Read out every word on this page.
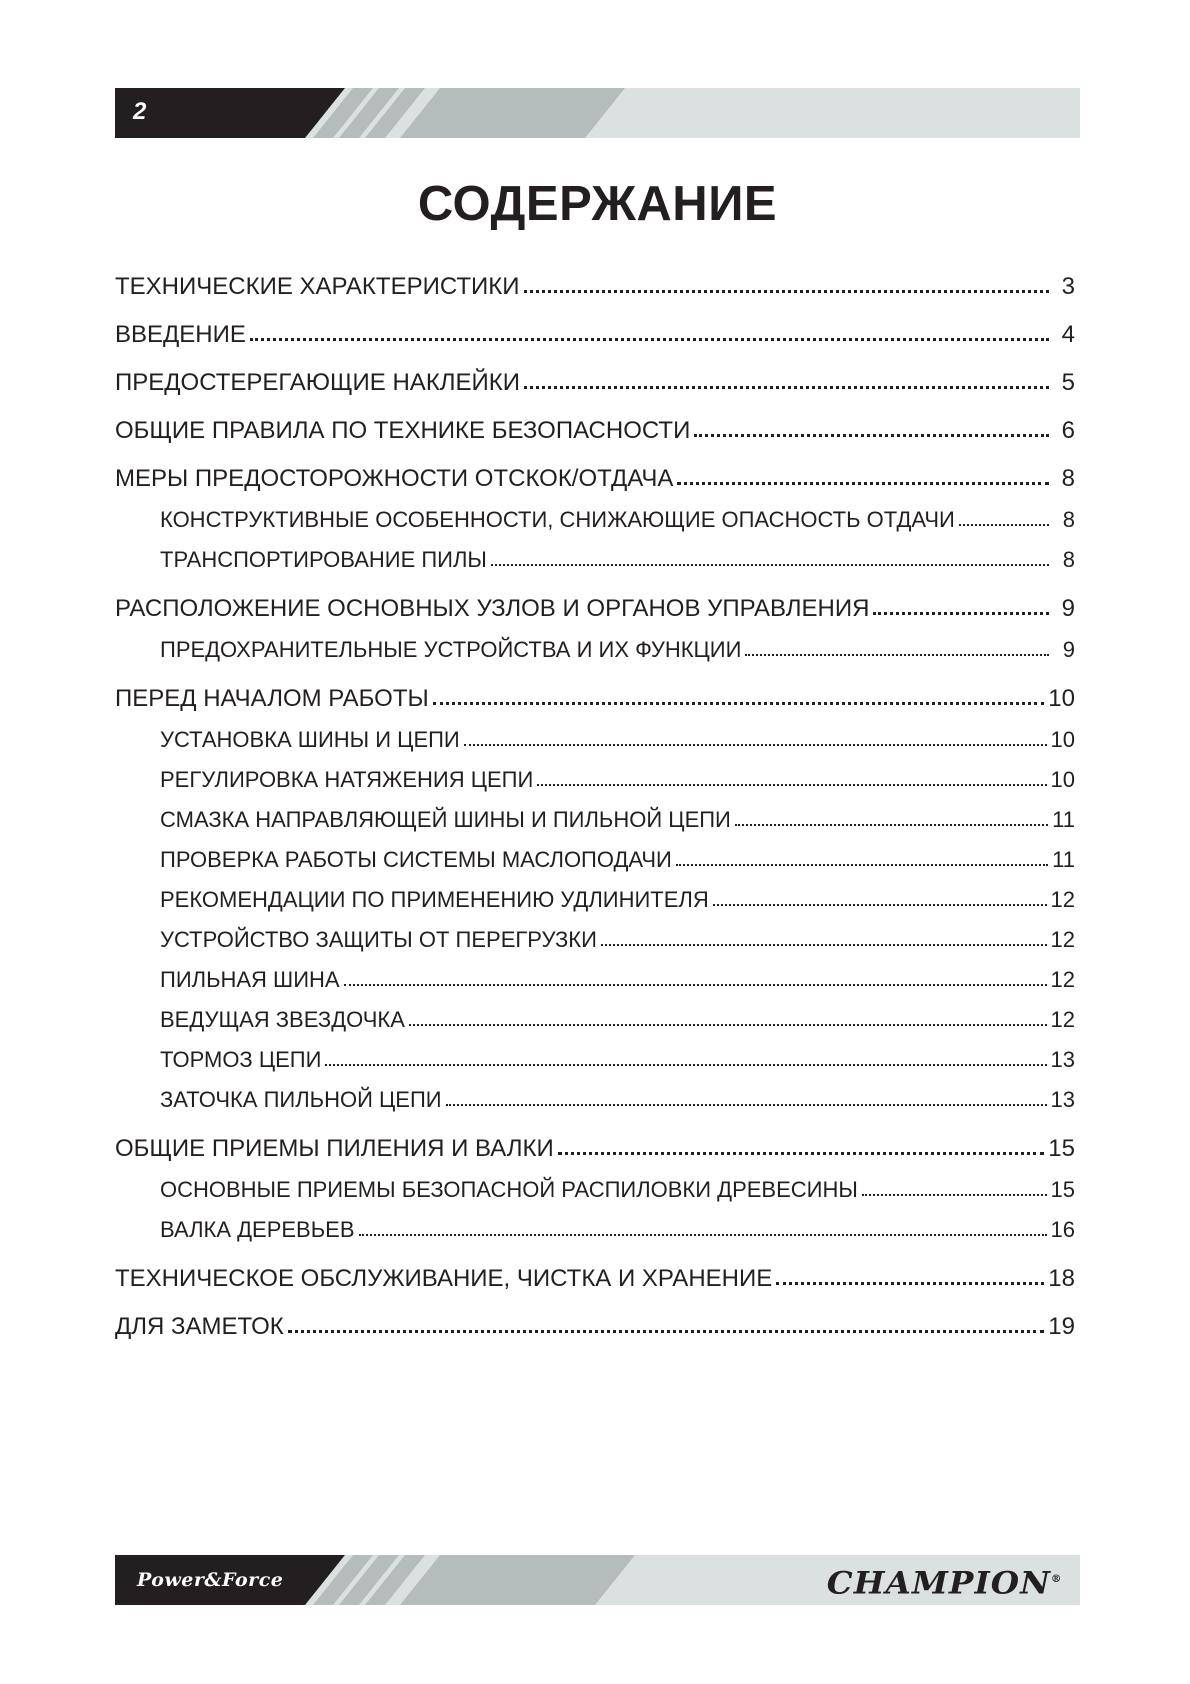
2
СОДЕРЖАНИЕ
ТЕХНИЧЕСКИЕ ХАРАКТЕРИСТИКИ	3
ВВЕДЕНИЕ	4
ПРЕДОСТЕРЕГАЮЩИЕ НАКЛЕЙКИ	5
ОБЩИЕ ПРАВИЛА ПО ТЕХНИКЕ БЕЗОПАСНОСТИ	6
МЕРЫ ПРЕДОСТОРОЖНОСТИ ОТСКОК/ОТДАЧА	8
КОНСТРУКТИВНЫЕ ОСОБЕННОСТИ, СНИЖАЮЩИЕ ОПАСНОСТЬ ОТДАЧИ	8
ТРАНСПОРТИРОВАНИЕ ПИЛЫ	8
РАСПОЛОЖЕНИЕ ОСНОВНЫХ УЗЛОВ И ОРГАНОВ УПРАВЛЕНИЯ	9
ПРЕДОХРАНИТЕЛЬНЫЕ УСТРОЙСТВА И ИХ ФУНКЦИИ	9
ПЕРЕД НАЧАЛОМ РАБОТЫ	10
УСТАНОВКА ШИНЫ И ЦЕПИ	10
РЕГУЛИРОВКА НАТЯЖЕНИЯ ЦЕПИ	10
СМАЗКА НАПРАВЛЯЮЩЕЙ ШИНЫ И ПИЛЬНОЙ ЦЕПИ	11
ПРОВЕРКА РАБОТЫ СИСТЕМЫ МАСЛОПОДАЧИ	11
РЕКОМЕНДАЦИИ ПО ПРИМЕНЕНИЮ УДЛИНИТЕЛЯ	12
УСТРОЙСТВО ЗАЩИТЫ ОТ ПЕРЕГРУЗКИ	12
ПИЛЬНАЯ ШИНА	12
ВЕДУЩАЯ ЗВЕЗДОЧКА	12
ТОРМОЗ ЦЕПИ	13
ЗАТОЧКА ПИЛЬНОЙ ЦЕПИ	13
ОБЩИЕ ПРИЕМЫ ПИЛЕНИЯ И ВАЛКИ	15
ОСНОВНЫЕ ПРИЕМЫ БЕЗОПАСНОЙ РАСПИЛОВКИ ДРЕВЕСИНЫ	15
ВАЛКА ДЕРЕВЬЕВ	16
ТЕХНИЧЕСКОЕ ОБСЛУЖИВАНИЕ, ЧИСТКА И ХРАНЕНИЕ	18
ДЛЯ ЗАМЕТОК	19
Power&Force	CHAMPION®
